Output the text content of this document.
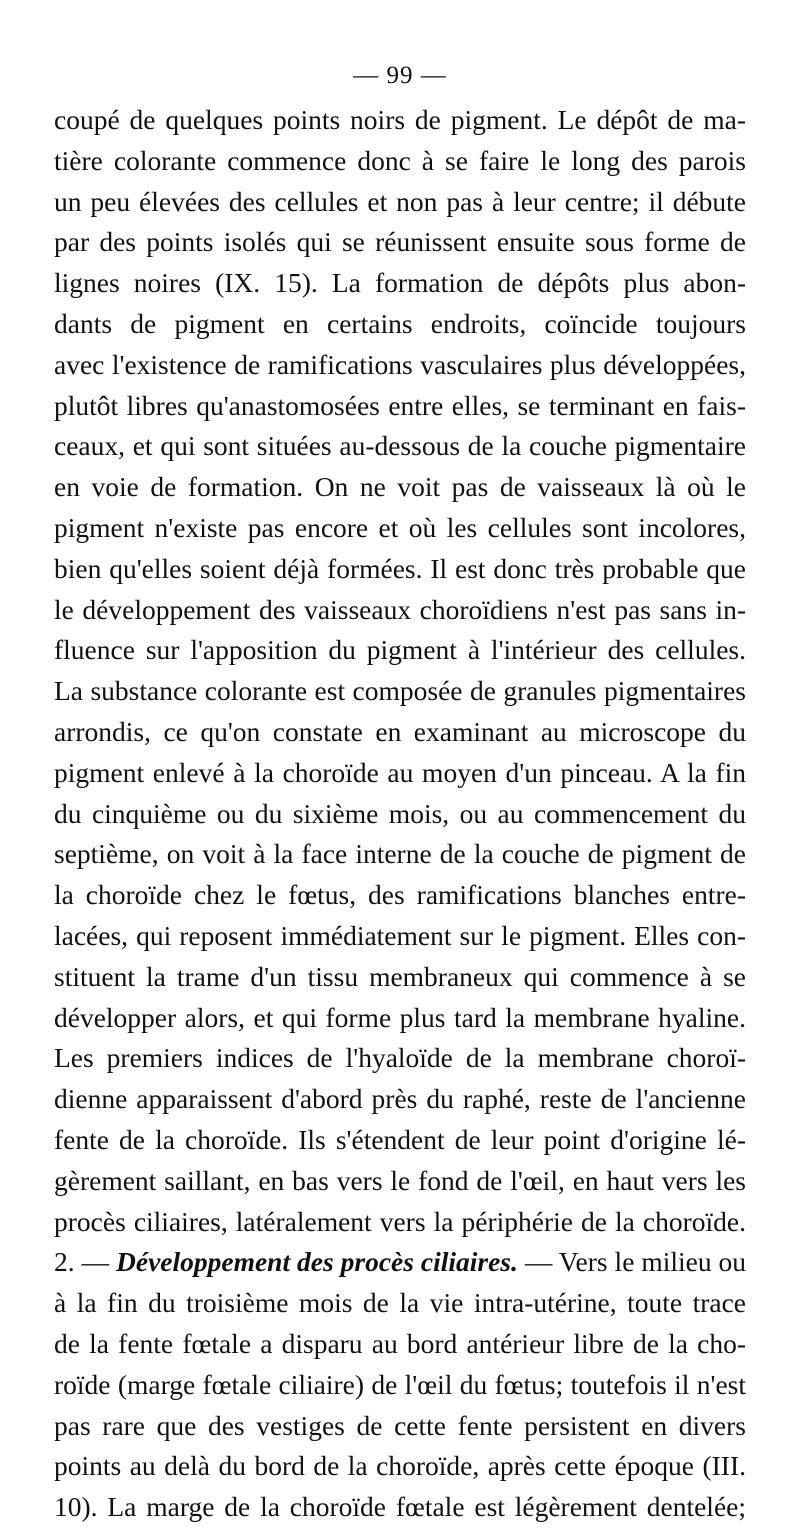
— 99 —
coupé de quelques points noirs de pigment. Le dépôt de ma-
tière colorante commence donc à se faire le long des parois
un peu élevées des cellules et non pas à leur centre; il débute
par des points isolés qui se réunissent ensuite sous forme de
lignes noires (IX. 15). La formation de dépôts plus abon-
dants de pigment en certains endroits, coïncide toujours
avec l'existence de ramifications vasculaires plus développées,
plutôt libres qu'anastomosées entre elles, se terminant en fais-
ceaux, et qui sont situées au-dessous de la couche pigmentaire
en voie de formation. On ne voit pas de vaisseaux là où le
pigment n'existe pas encore et où les cellules sont incolores,
bien qu'elles soient déjà formées. Il est donc très probable que
le développement des vaisseaux choroïdiens n'est pas sans in-
fluence sur l'apposition du pigment à l'intérieur des cellules.
La substance colorante est composée de granules pigmentaires
arrondis, ce qu'on constate en examinant au microscope du
pigment enlevé à la choroïde au moyen d'un pinceau. A la fin
du cinquième ou du sixième mois, ou au commencement du
septième, on voit à la face interne de la couche de pigment de
la choroïde chez le fœtus, des ramifications blanches entre-
lacées, qui reposent immédiatement sur le pigment. Elles con-
stituent la trame d'un tissu membraneux qui commence à se
développer alors, et qui forme plus tard la membrane hyaline.
Les premiers indices de l'hyaloïde de la membrane choroï-
dienne apparaissent d'abord près du raphé, reste de l'ancienne
fente de la choroïde. Ils s'étendent de leur point d'origine lé-
gèrement saillant, en bas vers le fond de l'œil, en haut vers les
procès ciliaires, latéralement vers la périphérie de la choroïde.
2. — Développement des procès ciliaires. — Vers le milieu ou
à la fin du troisième mois de la vie intra-utérine, toute trace
de la fente fœtale a disparu au bord antérieur libre de la cho-
roïde (marge fœtale ciliaire) de l'œil du fœtus; toutefois il n'est
pas rare que des vestiges de cette fente persistent en divers
points au delà du bord de la choroïde, après cette époque (III.
10). La marge de la choroïde fœtale est légèrement dentelée;
